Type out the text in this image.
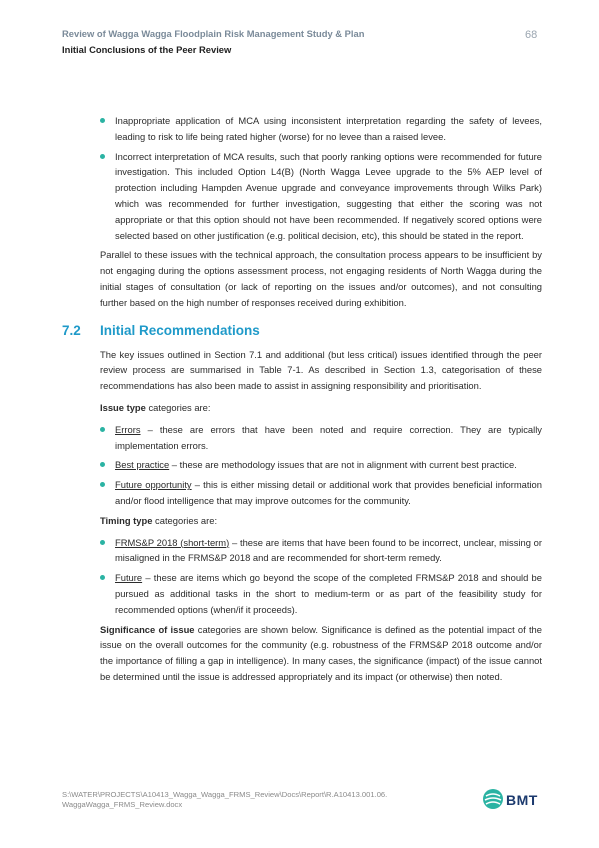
Review of Wagga Wagga Floodplain Risk Management Study & Plan
Initial Conclusions of the Peer Review
68
Inappropriate application of MCA using inconsistent interpretation regarding the safety of levees, leading to risk to life being rated higher (worse) for no levee than a raised levee.
Incorrect interpretation of MCA results, such that poorly ranking options were recommended for future investigation. This included Option L4(B) (North Wagga Levee upgrade to the 5% AEP level of protection including Hampden Avenue upgrade and conveyance improvements through Wilks Park) which was recommended for further investigation, suggesting that either the scoring was not appropriate or that this option should not have been recommended. If negatively scored options were selected based on other justification (e.g. political decision, etc), this should be stated in the report.

Parallel to these issues with the technical approach, the consultation process appears to be insufficient by not engaging during the options assessment process, not engaging residents of North Wagga during the initial stages of consultation (or lack of reporting on the issues and/or outcomes), and not consulting further based on the high number of responses received during exhibition.

7.2 Initial Recommendations

The key issues outlined in Section 7.1 and additional (but less critical) issues identified through the peer review process are summarised in Table 7-1. As described in Section 1.3, categorisation of these recommendations has also been made to assist in assigning responsibility and prioritisation.

Issue type categories are:

Errors – these are errors that have been noted and require correction. They are typically implementation errors.
Best practice – these are methodology issues that are not in alignment with current best practice.
Future opportunity – this is either missing detail or additional work that provides beneficial information and/or flood intelligence that may improve outcomes for the community.

Timing type categories are:

FRMS&P 2018 (short-term) – these are items that have been found to be incorrect, unclear, missing or misaligned in the FRMS&P 2018 and are recommended for short-term remedy.
Future – these are items which go beyond the scope of the completed FRMS&P 2018 and should be pursued as additional tasks in the short to medium-term or as part of the feasibility study for recommended options (when/if it proceeds).

Significance of issue categories are shown below. Significance is defined as the potential impact of the issue on the overall outcomes for the community (e.g. robustness of the FRMS&P 2018 outcome and/or the importance of filling a gap in intelligence). In many cases, the significance (impact) of the issue cannot be determined until the issue is addressed appropriately and its impact (or otherwise) then noted.

S:\WATER\PROJECTS\A10413_Wagga_Wagga_FRMS_Review\Docs\Report\R.A10413.001.06.
WaggaWagga_FRMS_Review.docx	BMT
